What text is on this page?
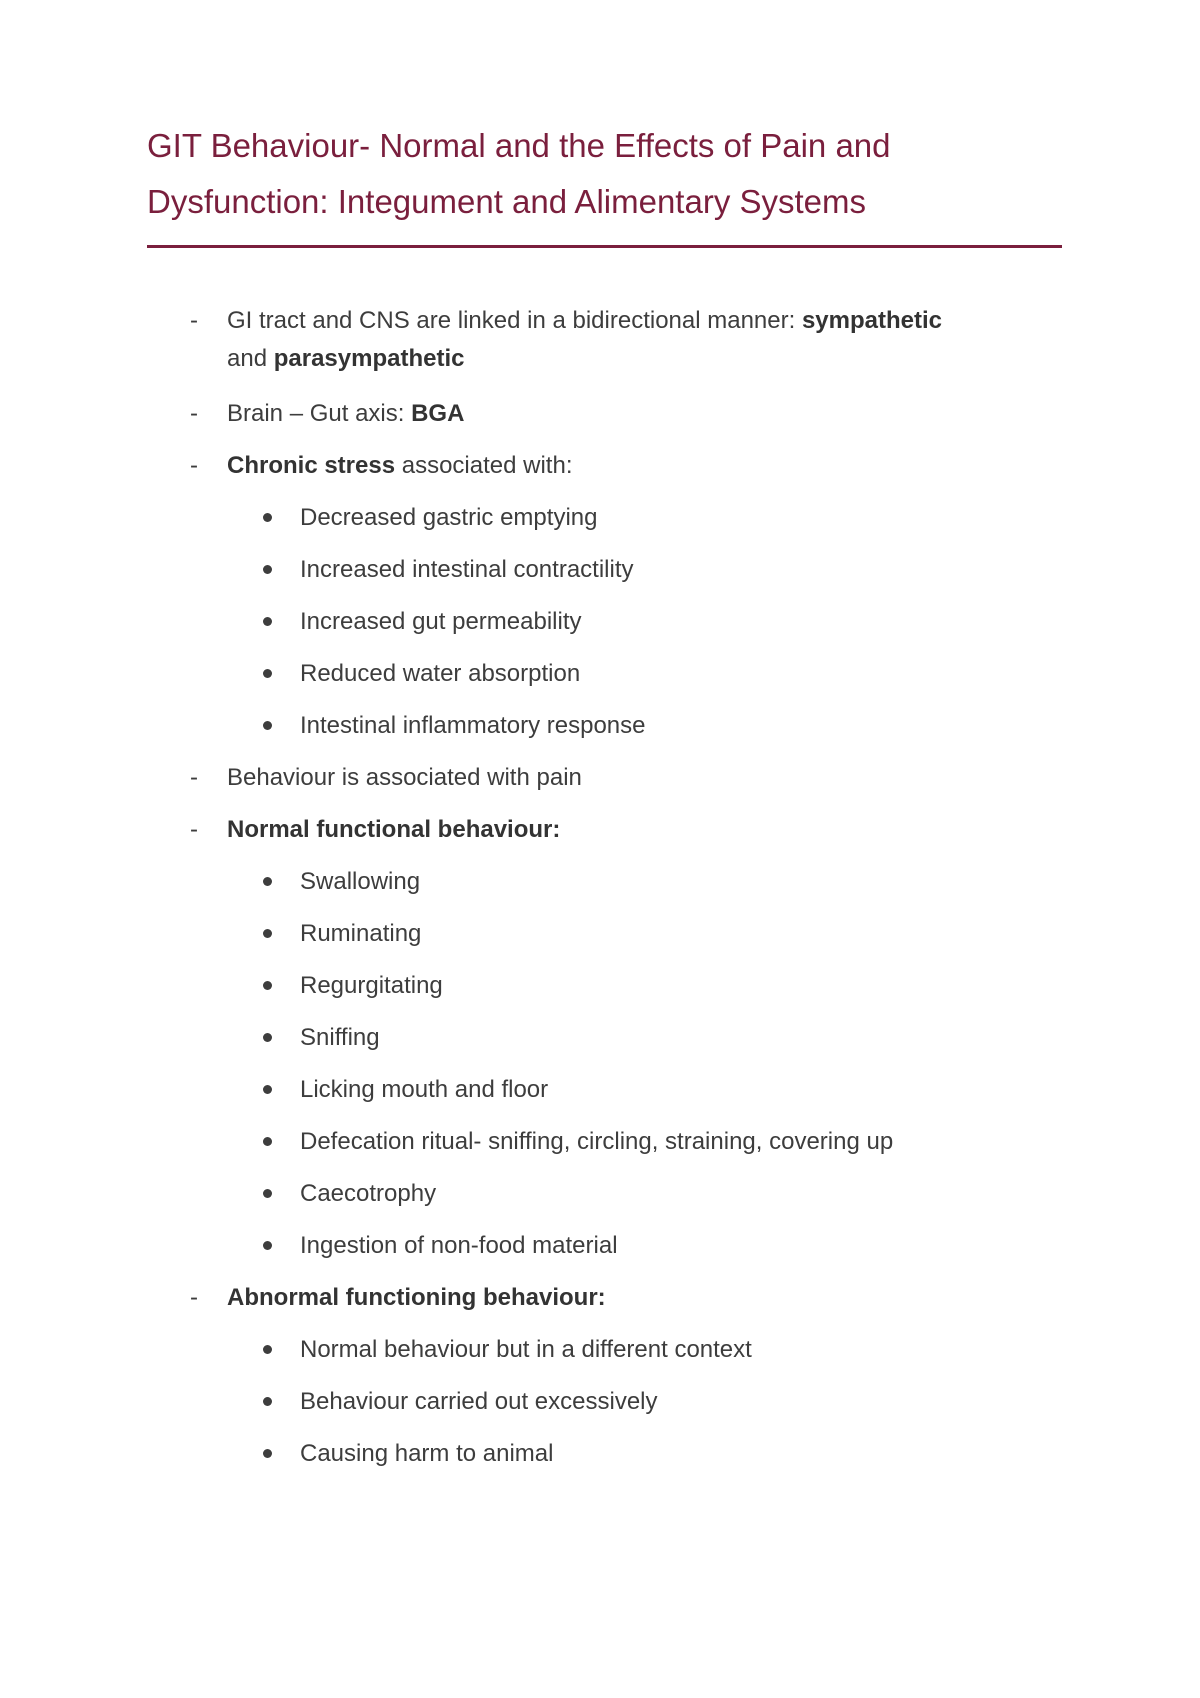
GIT Behaviour- Normal and the Effects of Pain and
Dysfunction: Integument and Alimentary Systems
-	GI tract and CNS are linked in a bidirectional manner: sympathetic
and parasympathetic
-	Brain – Gut axis: BGA
-	Chronic stress associated with:
Decreased gastric emptying
Increased intestinal contractility
Increased gut permeability
Reduced water absorption
Intestinal inflammatory response
-	Behaviour is associated with pain
-	Normal functional behaviour:
Swallowing
Ruminating
Regurgitating
Sniffing
Licking mouth and floor
Defecation ritual- sniffing, circling, straining, covering up
Caecotrophy
Ingestion of non-food material
-	Abnormal functioning behaviour:
Normal behaviour but in a different context
Behaviour carried out excessively
Causing harm to animal
